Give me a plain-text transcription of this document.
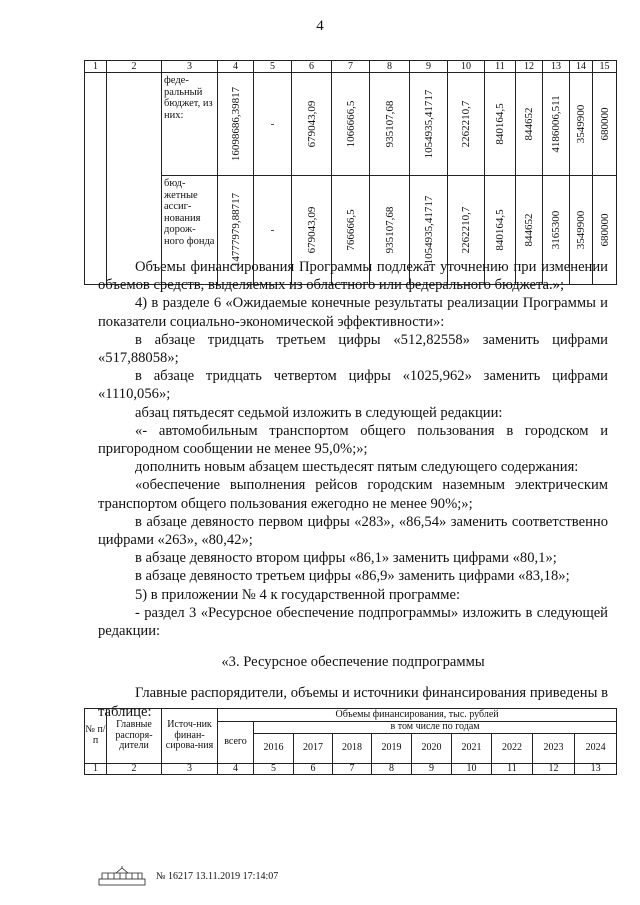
4
1	2	3	4	5	6	7	8	9	10	11	12	13	14	15
		феде-ральный бюджет, из них:	16098686,39817	-	679043,09	1066666,5	935107,68	1054935,41717	2262210,7	840164,5	844652	4186006,511	3549900	680000

		бюд-жетные ассиг-нования дорож-ного фонда	14777979,88717	-	679043,09	766666,5	935107,68	1054935,41717	2262210,7	840164,5	844652	3165300	3549900	680000

Объемы финансирования Программы подлежат уточнению при изменении объемов средств, выделяемых из областного или федерального бюджета.»;

4) в разделе 6 «Ожидаемые конечные результаты реализации Программы и показатели социально-экономической эффективности»:

в абзаце тридцать третьем цифры «512,82558» заменить цифрами «517,88058»;

в абзаце тридцать четвертом цифры «1025,962» заменить цифрами «1110,056»;

абзац пятьдесят седьмой изложить в следующей редакции:

«- автомобильным транспортом общего пользования в городском и пригородном сообщении не менее 95,0%;»;

дополнить новым абзацем шестьдесят пятым следующего содержания:

«обеспечение выполнения рейсов городским наземным электрическим транспортом общего пользования ежегодно не менее 90%;»;

в абзаце девяносто первом цифры «283», «86,54» заменить соответственно цифрами «263», «80,42»;

в абзаце девяносто втором цифры «86,1» заменить цифрами «80,1»;

в абзаце девяносто третьем цифры «86,9» заменить цифрами «83,18»;

5) в приложении № 4 к государственной программе:

- раздел 3 «Ресурсное обеспечение подпрограммы» изложить в следующей редакции:

«3. Ресурсное обеспечение подпрограммы

Главные распорядители, объемы и источники финансирования приведены в таблице:

№ п/п	Главные распоря-дители	Источ-ник финан-сирова-ния	Объемы финансирования, тыс. рублей									
			всего	в том числе по годам								
				2016	2017	2018	2019	2020	2021	2022	2023	2024
1	2	3	4	5	6	7	8	9	10	11	12	13
№ 16217 13.11.2019 17:14:07
